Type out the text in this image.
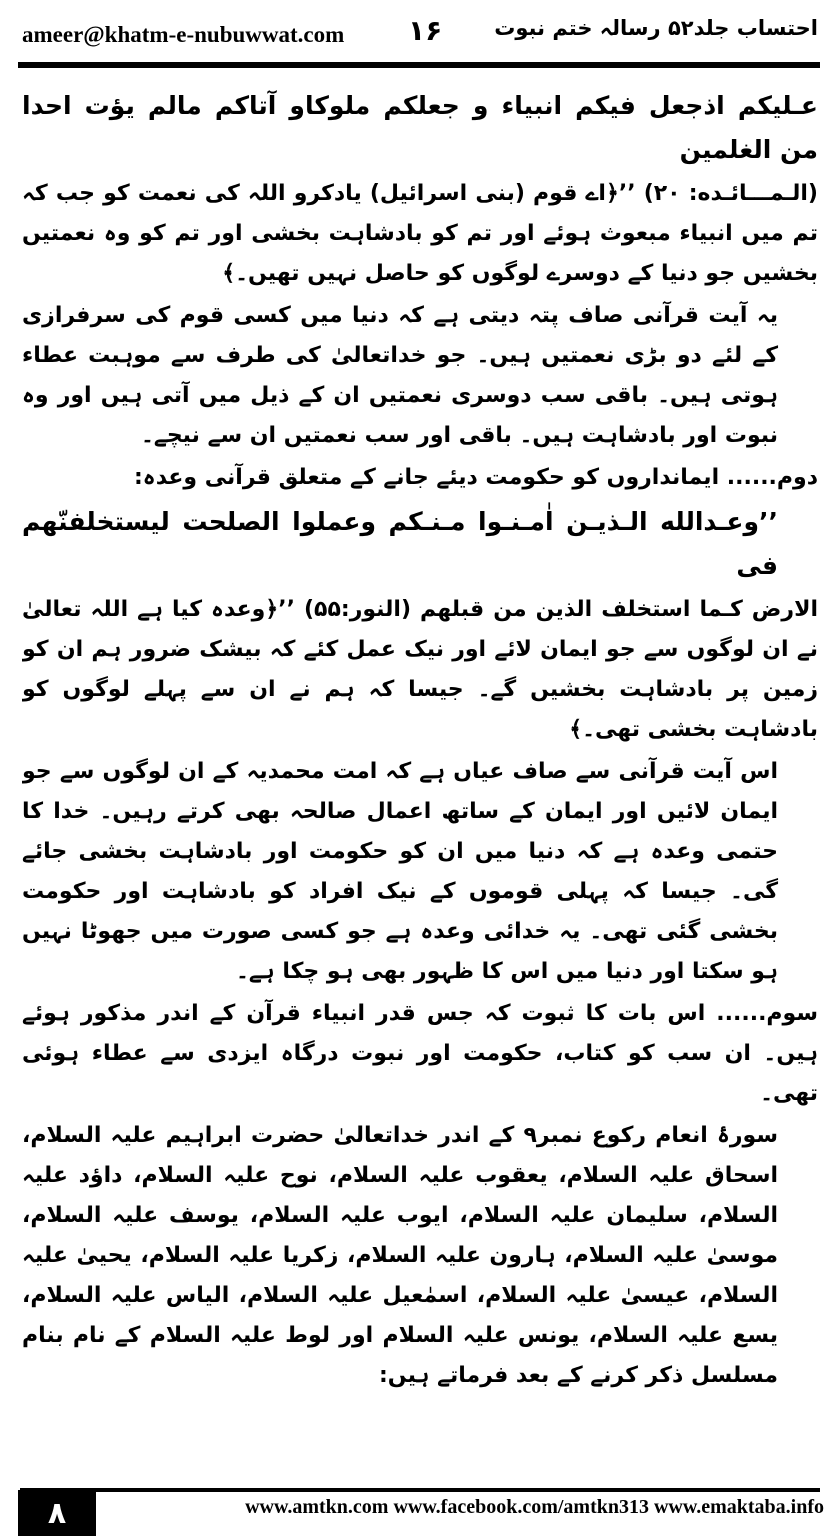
ameer@khatm-e-nubuwwat.com ۱۶ احتساب جلد۵۲ رسالہ ختم نبوت

عـلیکم اذجعل فیکم انبیاء و جعلکم ملوکاو آتاکم مالم یؤت احدا من الغلمین

(الـمـــائـده: ۲۰) ’’﴿اے قوم (بنی اسرائیل) یادکرو اللہ کی نعمت کو جب کہ تم میں انبیاء مبعوث ہوئے اور تم کو بادشاہت بخشی اور تم کو وہ نعمتیں بخشیں جو دنیا کے دوسرے لوگوں کو حاصل نہیں تھیں۔﴾

یہ آیت قرآنی صاف پتہ دیتی ہے کہ دنیا میں کسی قوم کی سرفرازی کے لئے دو بڑی نعمتیں ہیں۔ جو خداتعالیٰ کی طرف سے موہبت عطاء ہوتی ہیں۔ باقی سب دوسری نعمتیں ان کے ذیل میں آتی ہیں اور وہ نبوت اور بادشاہت ہیں۔ باقی اور سب نعمتیں ان سے نیچے۔

دوم...... ایمانداروں کو حکومت دیئے جانے کے متعلق قرآنی وعدہ:

’’وعـدالله الـذیـن اٰمـنـوا مـنـکم وعملوا الصلحت لیستخلفنّهم فی

الارض کـما استخلف الذین من قبلهم (النور:۵۵) ’’﴿وعدہ کیا ہے اللہ تعالیٰ نے ان لوگوں سے جو ایمان لائے اور نیک عمل کئے کہ بیشک ضرور ہم ان کو زمین پر بادشاہت بخشیں گے۔ جیسا کہ ہم نے ان سے پہلے لوگوں کو بادشاہت بخشی تھی۔﴾

اس آیت قرآنی سے صاف عیاں ہے کہ امت محمدیہ کے ان لوگوں سے جو ایمان لائیں اور ایمان کے ساتھ اعمال صالحہ بھی کرتے رہیں۔ خدا کا حتمی وعدہ ہے کہ دنیا میں ان کو حکومت اور بادشاہت بخشی جائے گی۔ جیسا کہ پہلی قوموں کے نیک افراد کو بادشاہت اور حکومت بخشی گئی تھی۔ یہ خدائی وعدہ ہے جو کسی صورت میں جھوٹا نہیں ہو سکتا اور دنیا میں اس کا ظہور بھی ہو چکا ہے۔

سوم...... اس بات کا ثبوت کہ جس قدر انبیاء قرآن کے اندر مذکور ہوئے ہیں۔ ان سب کو کتاب، حکومت اور نبوت درگاہ ایزدی سے عطاء ہوئی تھی۔

سورۂ انعام رکوع نمبر۹ کے اندر خداتعالیٰ حضرت ابراہیم علیہ السلام، اسحاق علیہ السلام، یعقوب علیہ السلام، نوح علیہ السلام، داؤد علیہ السلام، سلیمان علیہ السلام، ایوب علیہ السلام، یوسف علیہ السلام، موسیٰ علیہ السلام، ہارون علیہ السلام، زکریا علیہ السلام، یحییٰ علیہ السلام، عیسیٰ علیہ السلام، اسمٰعیل علیہ السلام، الیاس علیہ السلام، یسع علیہ السلام، یونس علیہ السلام اور لوط علیہ السلام کے نام بنام مسلسل ذکر کرنے کے بعد فرماتے ہیں:

۸	www.amtkn.com www.facebook.com/amtkn313 www.emaktaba.info
